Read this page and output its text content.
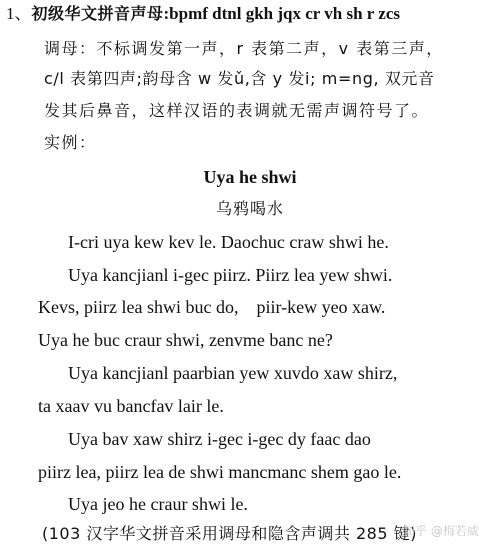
1、初级华文拼音声母:bpmf dtnl gkh jqx cr vh sh r zcs
调母：不标调发第一声，r 表第二声，v 表第三声，
c/l 表第四声;韵母含 w 发ǔ,含 y 发i; m=ng, 双元音
发其后鼻音，这样汉语的表调就无需声调符号了。
实例：
Uya he shwi
乌鸦喝水
I-cri uya kew kev le. Daochuc craw shwi he.
Uya kancjianl i-gec piirz. Piirz lea yew shwi.
Kevs, piirz lea shwi buc do,    piir-kew yeo xaw.
Uya he buc craur shwi, zenvme banc ne?
Uya kancjianl paarbian yew xuvdo xaw shirz,
ta xaav vu bancfav lair le.
Uya bav xaw shirz i-gec i-gec dy faac dao
piirz lea, piirz lea de shwi mancmanc shem gao le.
Uya jeo he craur shwi le.
(103 汉字华文拼音采用调母和隐含声调共 285 键)
知乎 @梅若威
